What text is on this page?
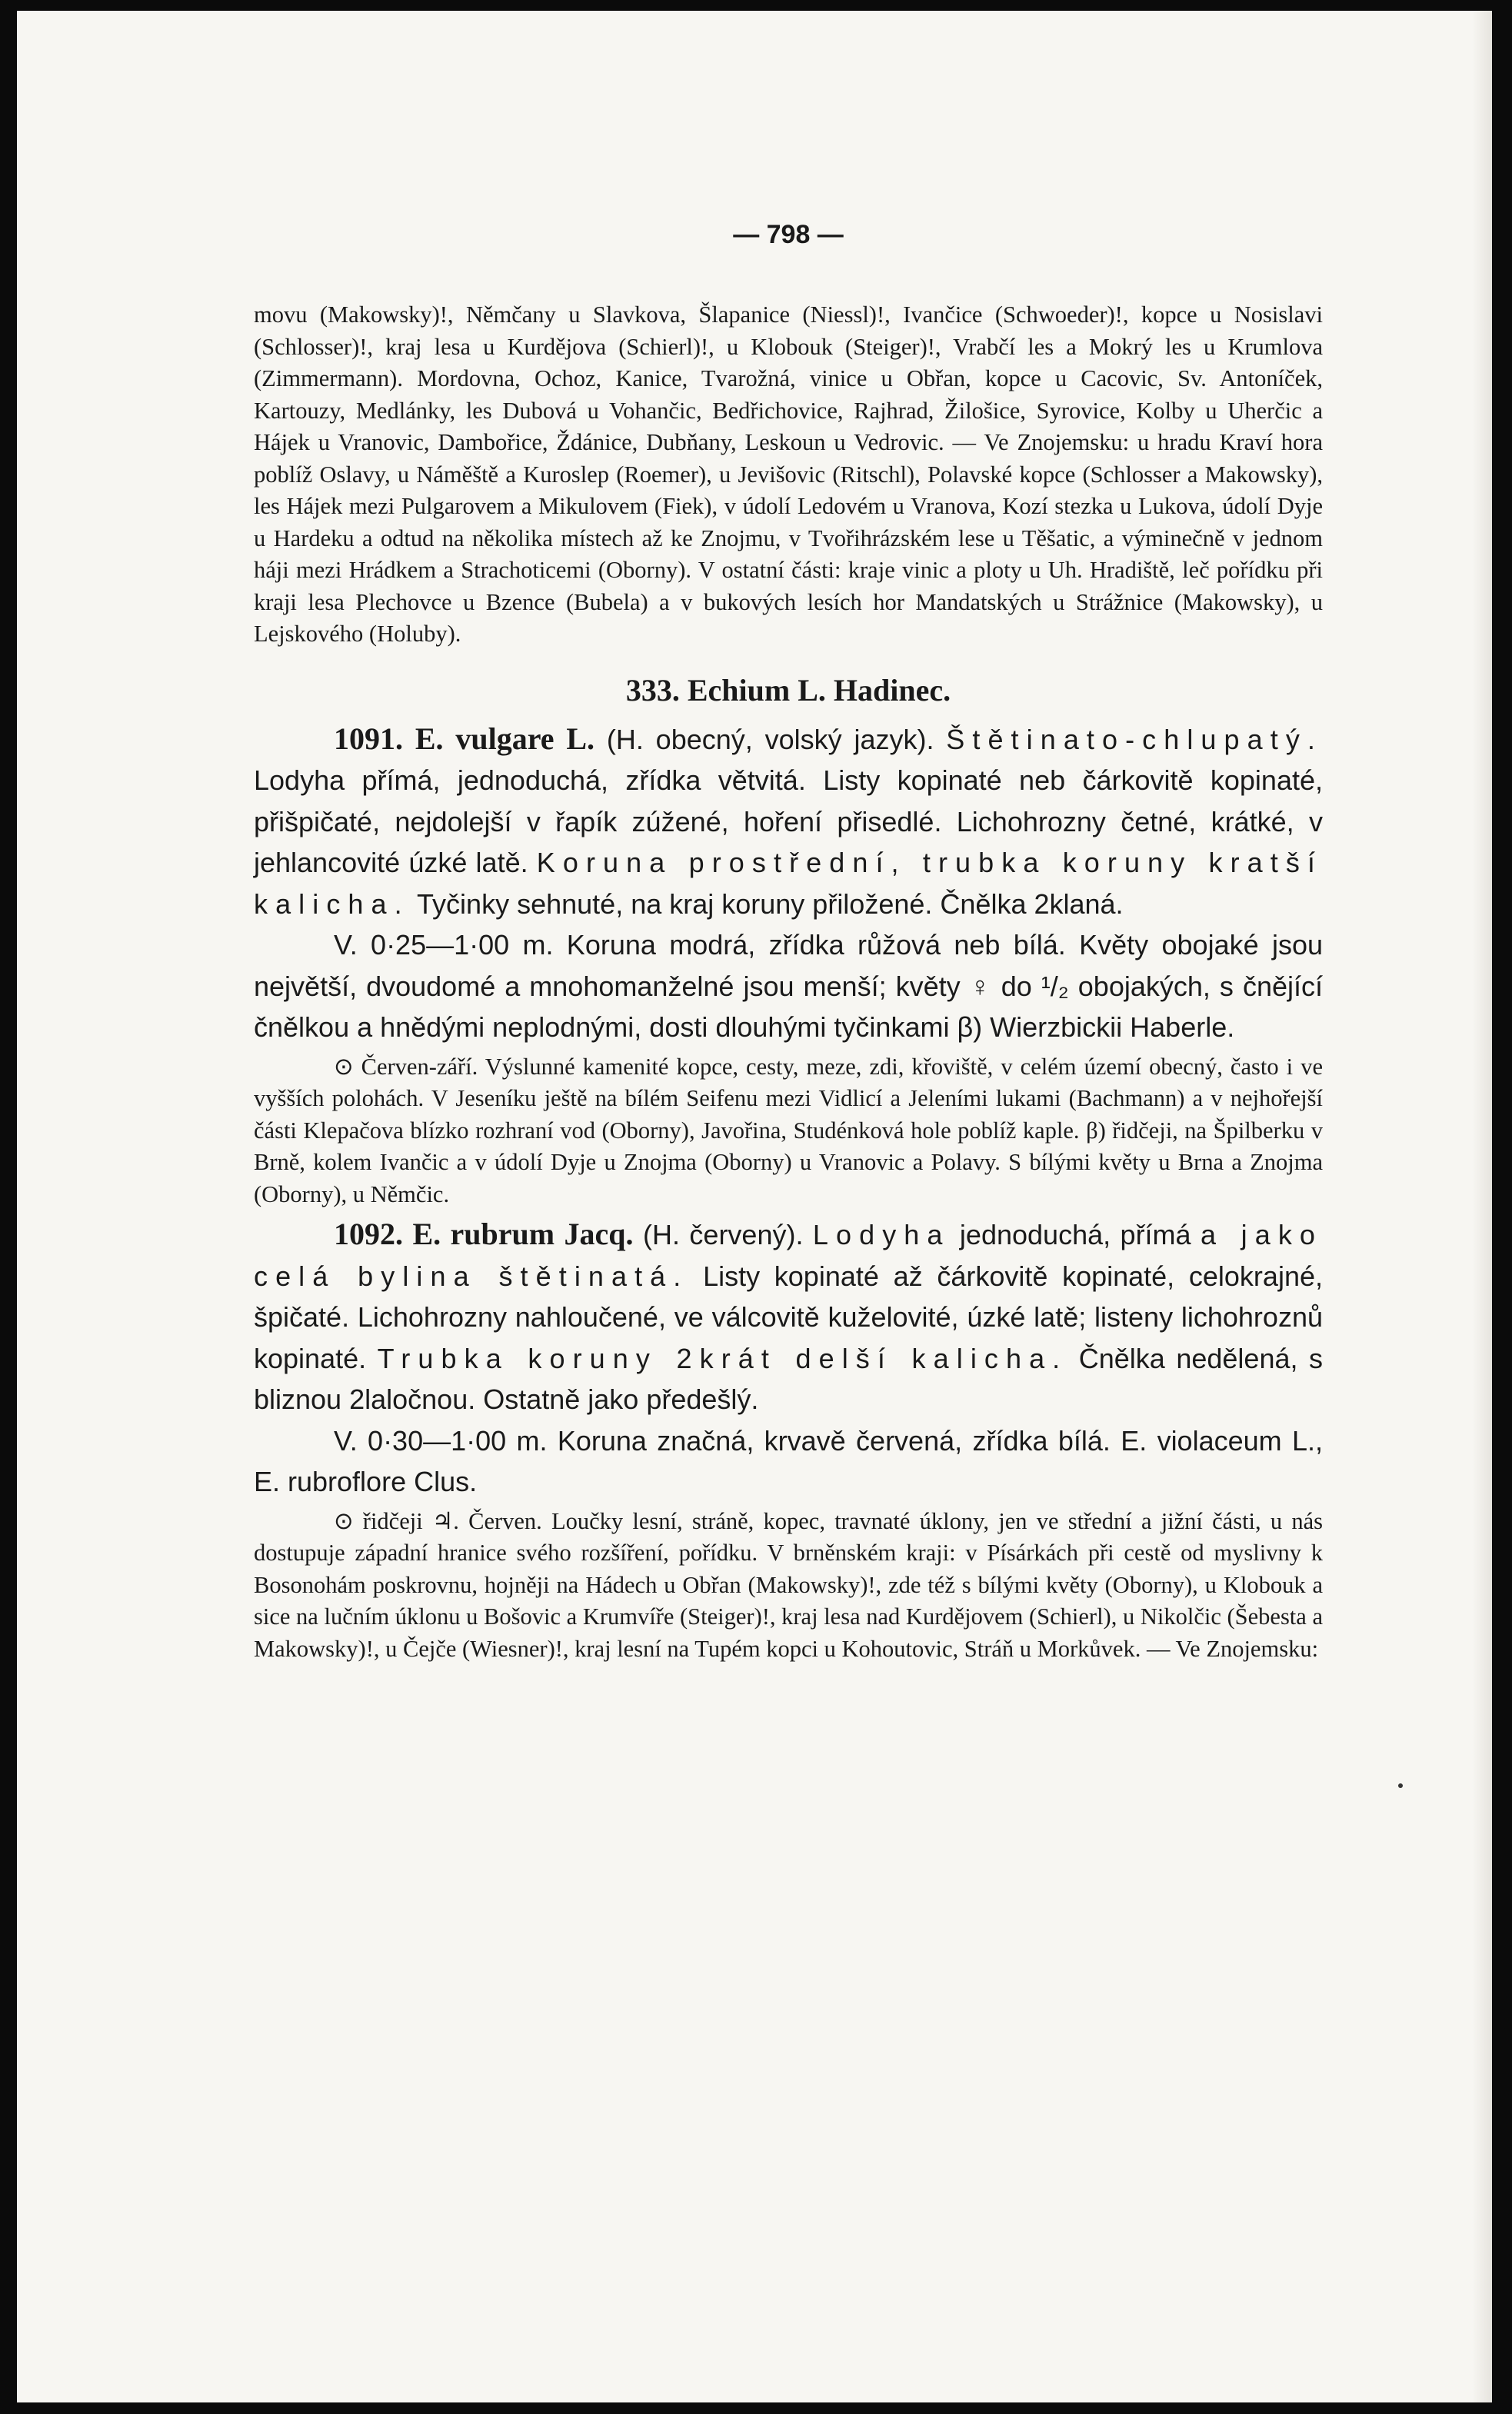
— 798 —

movu (Makowsky)!, Němčany u Slavkova, Šlapanice (Niessl)!, Ivančice (Schwoeder)!, kopce u Nosislavi (Schlosser)!, kraj lesa u Kurdějova (Schierl)!, u Klobouk (Steiger)!, Vrabčí les a Mokrý les u Krumlova (Zimmermann). Mordovna, Ochoz, Kanice, Tvarožná, vinice u Obřan, kopce u Cacovic, Sv. Antoníček, Kartouzy, Medlánky, les Dubová u Vohančic, Bedřichovice, Rajhrad, Žilošice, Syrovice, Kolby u Uherčic a Hájek u Vranovic, Dambořice, Ždánice, Dubňany, Leskoun u Vedrovic. — Ve Znojemsku: u hradu Kraví hora poblíž Oslavy, u Náměště a Kuroslep (Roemer), u Jevišovic (Ritschl), Polavské kopce (Schlosser a Makowsky), les Hájek mezi Pulgarovem a Mikulovem (Fiek), v údolí Ledovém u Vranova, Kozí stezka u Lukova, údolí Dyje u Hardeku a odtud na několika místech až ke Znojmu, v Tvořihrázském lese u Těšatic, a výminečně v jednom háji mezi Hrádkem a Strachoticemi (Oborny). V ostatní části: kraje vinic a ploty u Uh. Hradiště, leč pořídku při kraji lesa Plechovce u Bzence (Bubela) a v bukových lesích hor Mandatských u Strážnice (Makowsky), u Lejskového (Holuby).

333. Echium L. Hadinec.

1091. E. vulgare L. (H. obecný, volský jazyk). Štětinato-chlupatý. Lodyha přímá, jednoduchá, zřídka větvitá. Listy kopinaté neb čárkovitě kopinaté, přišpičaté, nejdolejší v řapík zúžené, hoření přisedlé. Lichohrozny četné, krátké, v jehlancovité úzké latě. Koruna prostřední, trubka koruny kratší kalicha. Tyčinky sehnuté, na kraj koruny přiložené. Čnělka 2klaná.

V. 0·25—1·00 m. Koruna modrá, zřídka růžová neb bílá. Květy obojaké jsou největší, dvoudomé a mnohomanželné jsou menší; květy ♀ do ¹/₂ obojakých, s čnějící čnělkou a hnědými neplodnými, dosti dlouhými tyčinkami β) Wierzbickii Haberle.

⊙ Červen-září. Výslunné kamenité kopce, cesty, meze, zdi, křoviště, v celém území obecný, často i ve vyšších polohách. V Jeseníku ještě na bílém Seifenu mezi Vidlicí a Jeleními lukami (Bachmann) a v nejhořejší části Klepačova blízko rozhraní vod (Oborny), Javořina, Studénková hole poblíž kaple. β) řidčeji, na Špilberku v Brně, kolem Ivančic a v údolí Dyje u Znojma (Oborny) u Vranovic a Polavy. S bílými květy u Brna a Znojma (Oborny), u Němčic.

1092. E. rubrum Jacq. (H. červený). Lodyha jednoduchá, přímá a jako celá bylina štětinatá. Listy kopinaté až čárkovitě kopinaté, celokrajné, špičaté. Lichohrozny nahloučené, ve válcovitě kuželovité, úzké latě; listeny lichohroznů kopinaté. Trubka koruny 2krát delší kalicha. Čnělka nedělená, s bliznou 2laločnou. Ostatně jako předešlý.

V. 0·30—1·00 m. Koruna značná, krvavě červená, zřídka bílá. E. violaceum L., E. rubroflore Clus.

⊙ řidčeji ♃. Červen. Loučky lesní, stráně, kopec, travnaté úklony, jen ve střední a jižní části, u nás dostupuje západní hranice svého rozšíření, pořídku. V brněnském kraji: v Písárkách při cestě od myslivny k Bosonohám poskrovnu, hojněji na Hádech u Obřan (Makowsky)!, zde též s bílými květy (Oborny), u Klobouk a sice na lučním úklonu u Bošovic a Krumvíře (Steiger)!, kraj lesa nad Kurdějovem (Schierl), u Nikolčic (Šebesta a Makowsky)!, u Čejče (Wiesner)!, kraj lesní na Tupém kopci u Kohoutovic, Stráň u Morkůvek. — Ve Znojemsku:
